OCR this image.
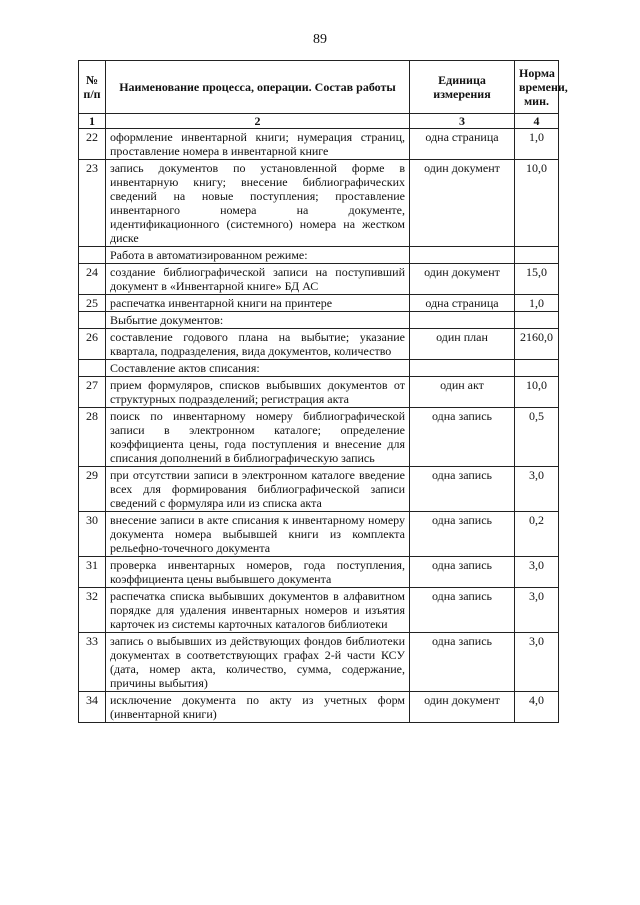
89
№ п/п	Наименование процесса, операции. Состав работы	Единица измерения	Норма времени, мин.
1	2	3	4
22	оформление инвентарной книги; нумерация страниц, проставление номера в инвентарной книге	одна страница	1,0
23	запись документов по установленной форме в инвентарную книгу; внесение библиографических сведений на новые поступления; проставление инвентарного номера на документе, идентификационного (системного) номера на жестком диске	один документ	10,0
	Работа в автоматизированном режиме:		
24	создание библиографической записи на поступивший документ в «Инвентарной книге» БД АС	один документ	15,0
25	распечатка инвентарной книги на принтере	одна страница	1,0
	Выбытие документов:		
26	составление годового плана на выбытие; указание квартала, подразделения, вида документов, количество	один план	2160,0
	Составление актов списания:		
27	прием формуляров, списков выбывших документов от структурных подразделений; регистрация акта	один акт	10,0
28	поиск по инвентарному номеру библиографической записи в электронном каталоге; определение коэффициента цены, года поступления и внесение для списания дополнений в библиографическую запись	одна запись	0,5
29	при отсутствии записи в электронном каталоге введение всех для формирования библиографической записи сведений с формуляра или из списка акта	одна запись	3,0
30	внесение записи в акте списания к инвентарному номеру документа номера выбывшей книги из комплекта рельефно-точечного документа	одна запись	0,2
31	проверка инвентарных номеров, года поступления, коэффициента цены выбывшего документа	одна запись	3,0
32	распечатка списка выбывших документов в алфавитном порядке для удаления инвентарных номеров и изъятия карточек из системы карточных каталогов библиотеки	одна запись	3,0
33	запись о выбывших из действующих фондов библиотеки документах в соответствующих графах 2-й части КСУ (дата, номер акта, количество, сумма, содержание, причины выбытия)	одна запись	3,0
34	исключение документа по акту из учетных форм (инвентарной книги)	один документ	4,0
